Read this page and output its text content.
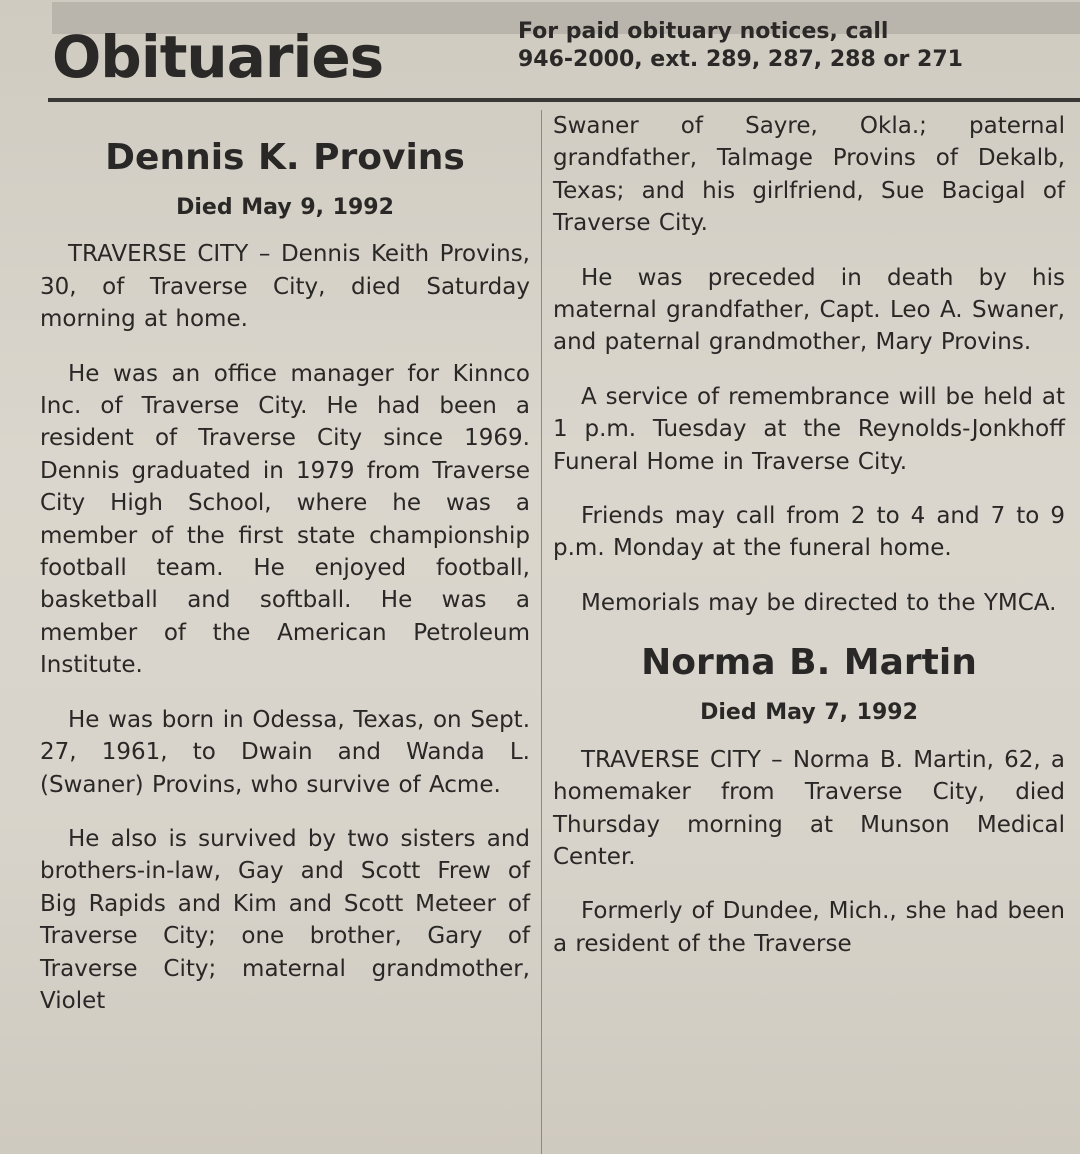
Obituaries	For paid obituary notices, call
946-2000, ext. 289, 287, 288 or 271
Dennis K. Provins
Died May 9, 1992

TRAVERSE CITY – Dennis Keith Provins, 30, of Traverse City, died Saturday morning at home.

He was an office manager for Kinnco Inc. of Traverse City. He had been a resident of Traverse City since 1969. Dennis graduated in 1979 from Traverse City High School, where he was a member of the first state championship football team. He enjoyed football, basketball and softball. He was a member of the American Petroleum Institute.

He was born in Odessa, Texas, on Sept. 27, 1961, to Dwain and Wanda L. (Swaner) Provins, who survive of Acme.

He also is survived by two sisters and brothers-in-law, Gay and Scott Frew of Big Rapids and Kim and Scott Meteer of Traverse City; one brother, Gary of Traverse City; maternal grandmother, Violet

Swaner of Sayre, Okla.; paternal grandfather, Talmage Provins of Dekalb, Texas; and his girlfriend, Sue Bacigal of Traverse City.

He was preceded in death by his maternal grandfather, Capt. Leo A. Swaner, and paternal grandmother, Mary Provins.

A service of remembrance will be held at 1 p.m. Tuesday at the Reynolds-Jonkhoff Funeral Home in Traverse City.

Friends may call from 2 to 4 and 7 to 9 p.m. Monday at the funeral home.

Memorials may be directed to the YMCA.

Norma B. Martin
Died May 7, 1992

TRAVERSE CITY – Norma B. Martin, 62, a homemaker from Traverse City, died Thursday morning at Munson Medical Center.

Formerly of Dundee, Mich., she had been a resident of the Traverse
